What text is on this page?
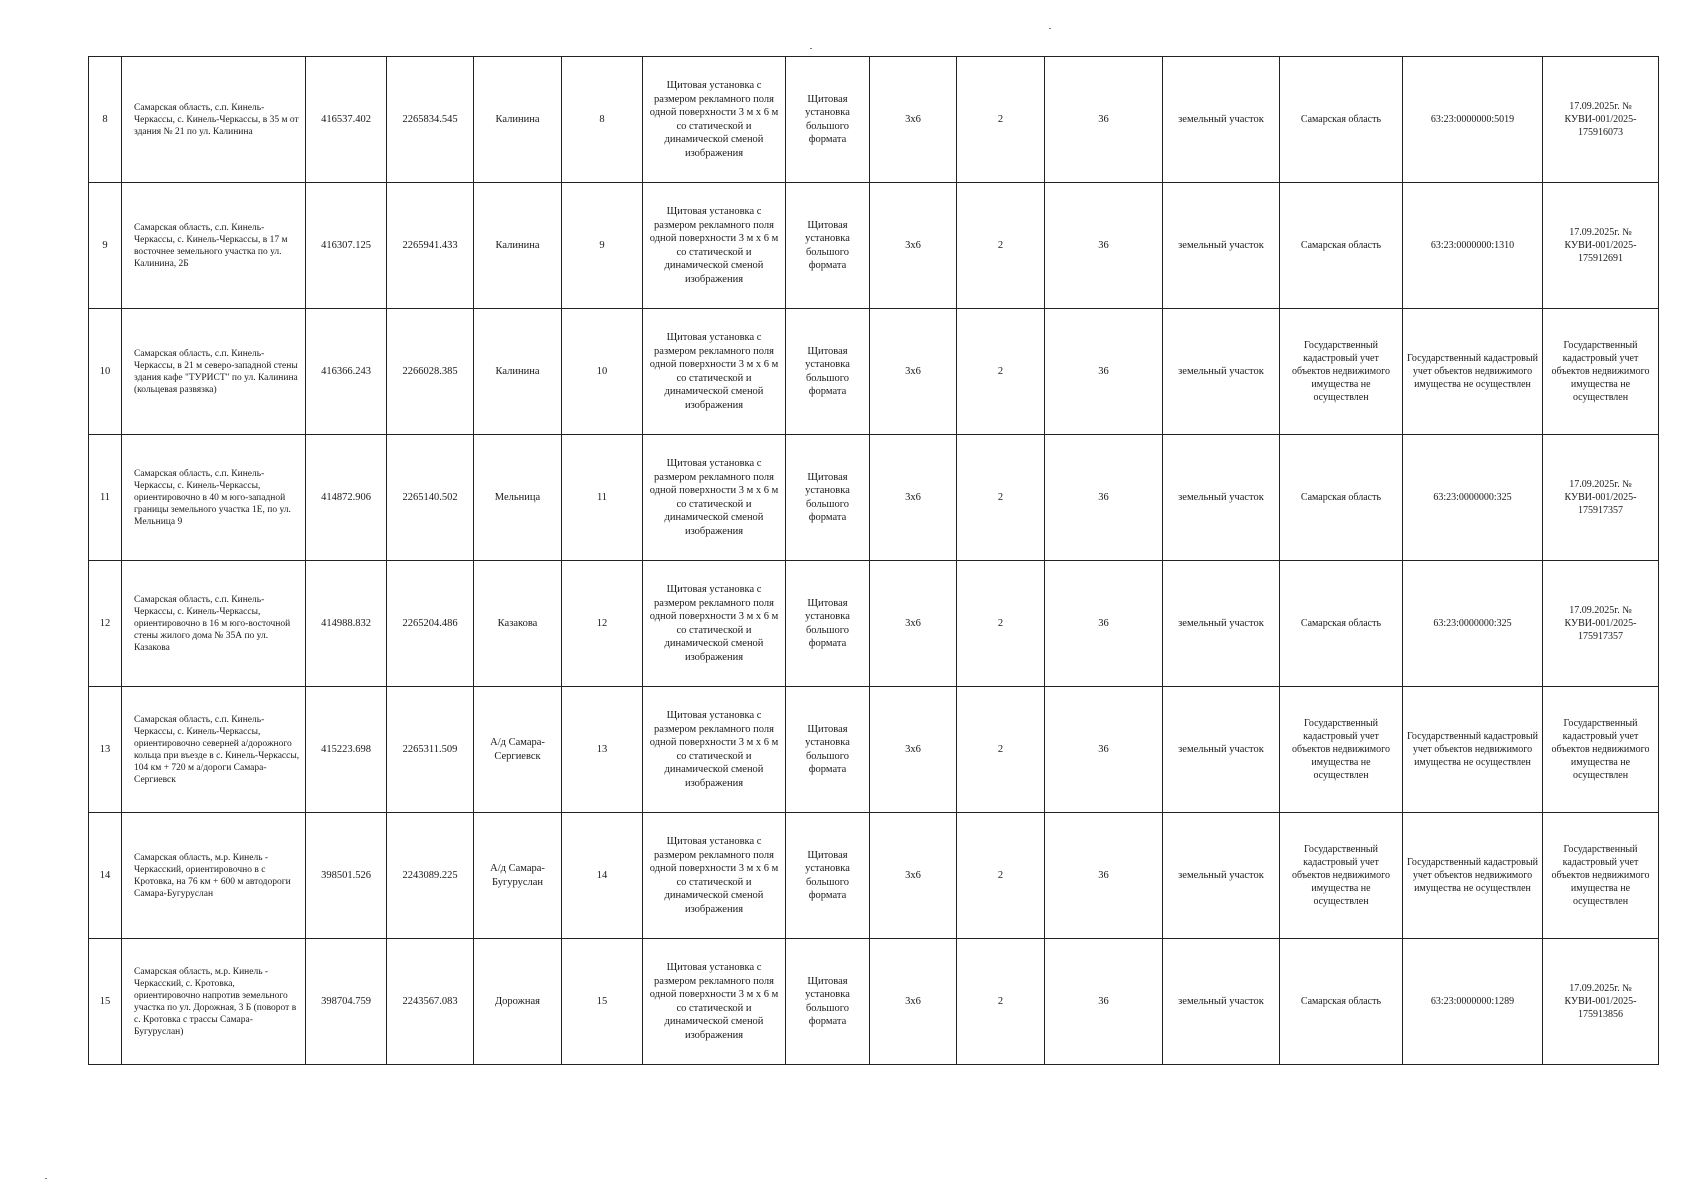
8	Самарская область, с.п. Кинель-Черкассы, с. Кинель-Черкассы, в 35 м от здания № 21 по ул. Калинина	416537.402	2265834.545	Калинина	8	Щитовая установка с размером рекламного поля одной поверхности 3 м х 6 м со статической и динамической сменой изображения	Щитовая установка большого формата	3х6	2	36	земельный участок	Самарская область	63:23:0000000:5019	17.09.2025г. № КУВИ-001/2025-175916073
9	Самарская область, с.п. Кинель-Черкассы, с. Кинель-Черкассы, в 17 м восточнее земельного участка по ул. Калинина, 2Б	416307.125	2265941.433	Калинина	9	Щитовая установка с размером рекламного поля одной поверхности 3 м х 6 м со статической и динамической сменой изображения	Щитовая установка большого формата	3х6	2	36	земельный участок	Самарская область	63:23:0000000:1310	17.09.2025г. № КУВИ-001/2025-175912691
10	Самарская область, с.п. Кинель-Черкассы, в 21 м северо-западной стены здания кафе "ТУРИСТ" по ул. Калинина (кольцевая развязка)	416366.243	2266028.385	Калинина	10	Щитовая установка с размером рекламного поля одной поверхности 3 м х 6 м со статической и динамической сменой изображения	Щитовая установка большого формата	3х6	2	36	земельный участок	Государственный кадастровый учет объектов недвижимого имущества не осуществлен	Государственный кадастровый учет объектов недвижимого имущества не осуществлен	Государственный кадастровый учет объектов недвижимого имущества не осуществлен
11	Самарская область, с.п. Кинель-Черкассы, с. Кинель-Черкассы, ориентировочно в 40 м юго-западной границы земельного участка 1Е, по ул. Мельница 9	414872.906	2265140.502	Мельница	11	Щитовая установка с размером рекламного поля одной поверхности 3 м х 6 м со статической и динамической сменой изображения	Щитовая установка большого формата	3х6	2	36	земельный участок	Самарская область	63:23:0000000:325	17.09.2025г. № КУВИ-001/2025-175917357
12	Самарская область, с.п. Кинель-Черкассы, с. Кинель-Черкассы, ориентировочно в 16 м юго-восточной стены жилого дома № 35А по ул. Казакова	414988.832	2265204.486	Казакова	12	Щитовая установка с размером рекламного поля одной поверхности 3 м х 6 м со статической и динамической сменой изображения	Щитовая установка большого формата	3х6	2	36	земельный участок	Самарская область	63:23:0000000:325	17.09.2025г. № КУВИ-001/2025-175917357
13	Самарская область, с.п. Кинель-Черкассы, с. Кинель-Черкассы, ориентировочно северней а/дорожного кольца при въезде в с. Кинель-Черкассы, 104 км + 720 м а/дороги Самара-Сергиевск	415223.698	2265311.509	А/д Самара-Сергиевск	13	Щитовая установка с размером рекламного поля одной поверхности 3 м х 6 м со статической и динамической сменой изображения	Щитовая установка большого формата	3х6	2	36	земельный участок	Государственный кадастровый учет объектов недвижимого имущества не осуществлен	Государственный кадастровый учет объектов недвижимого имущества не осуществлен	Государственный кадастровый учет объектов недвижимого имущества не осуществлен
14	Самарская область, м.р. Кинель - Черкасский, ориентировочно в с Кротовка, на 76 км + 600 м автодороги Самара-Бугуруслан	398501.526	2243089.225	А/д Самара-Бугуруслан	14	Щитовая установка с размером рекламного поля одной поверхности 3 м х 6 м со статической и динамической сменой изображения	Щитовая установка большого формата	3х6	2	36	земельный участок	Государственный кадастровый учет объектов недвижимого имущества не осуществлен	Государственный кадастровый учет объектов недвижимого имущества не осуществлен	Государственный кадастровый учет объектов недвижимого имущества не осуществлен
15	Самарская область, м.р. Кинель - Черкасский, с. Кротовка, ориентировочно напротив земельного участка по ул. Дорожная, 3 Б (поворот в с. Кротовка с трассы Самара-Бугуруслан)	398704.759	2243567.083	Дорожная	15	Щитовая установка с размером рекламного поля одной поверхности 3 м х 6 м со статической и динамической сменой изображения	Щитовая установка большого формата	3х6	2	36	земельный участок	Самарская область	63:23:0000000:1289	17.09.2025г. № КУВИ-001/2025-175913856
